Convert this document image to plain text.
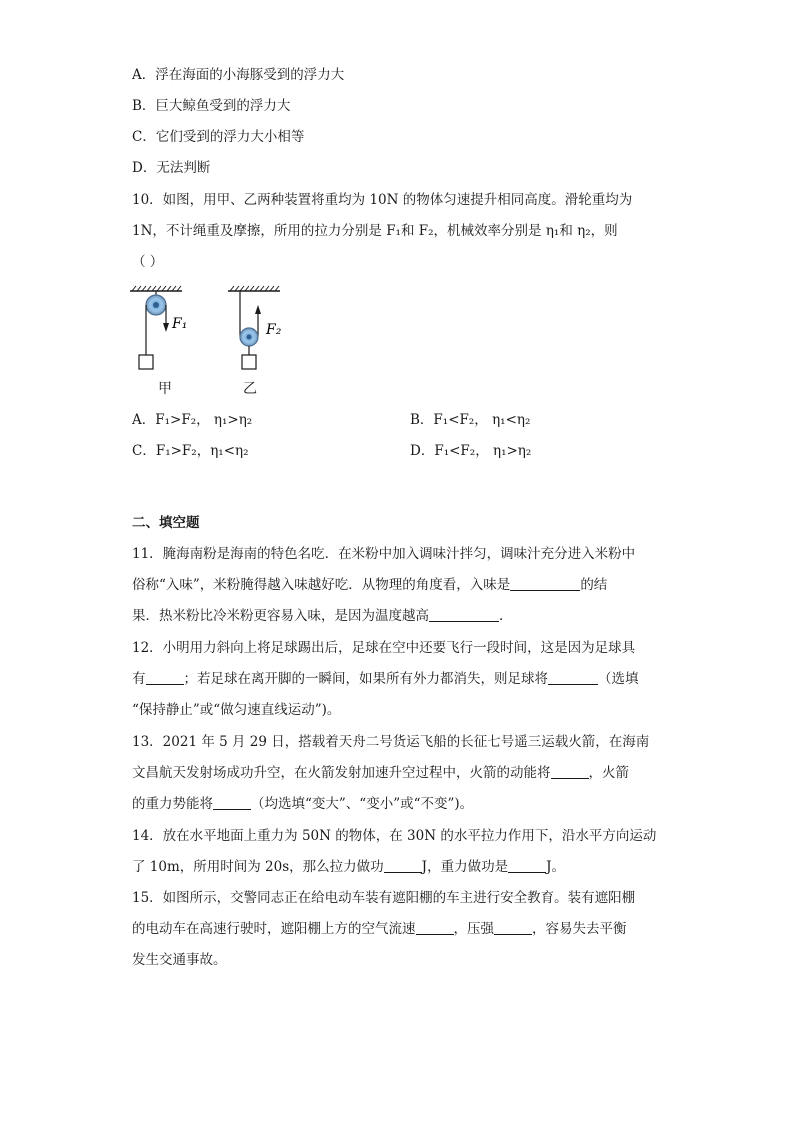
A．浮在海面的小海豚受到的浮力大
B．巨大鲸鱼受到的浮力大
C．它们受到的浮力大小相等
D．无法判断
10．如图，用甲、乙两种装置将重均为 10N 的物体匀速提升相同高度。滑轮重均为
1N，不计绳重及摩擦，所用的拉力分别是 F₁和 F₂，机械效率分别是 η₁和 η₂，则
（ ）
F₁	F₂
甲	乙
A．F₁>F₂， η₁>η₂	B．F₁<F₂， η₁<η₂
C．F₁>F₂，η₁<η₂	D．F₁<F₂， η₁>η₂
二、填空题
11．腌海南粉是海南的特色名吃．在米粉中加入调味汁拌匀，调味汁充分进入米粉中
俗称“入味”，米粉腌得越入味越好吃．从物理的角度看，入味是	的结
果．热米粉比冷米粉更容易入味，是因为温度越高	．
12．小明用力斜向上将足球踢出后，足球在空中还要飞行一段时间，这是因为足球具
有	；若足球在离开脚的一瞬间，如果所有外力都消失，则足球将	（选填
“保持静止”或“做匀速直线运动”)。
13．2021 年 5 月 29 日，搭载着天舟二号货运飞船的长征七号遥三运载火箭，在海南
文昌航天发射场成功升空，在火箭发射加速升空过程中，火箭的动能将	，火箭
的重力势能将	（均选填“变大”、“变小”或“不变”)。
14．放在水平地面上重力为 50N 的物体，在 30N 的水平拉力作用下，沿水平方向运动
了 10m，所用时间为 20s，那么拉力做功	J，重力做功是	J。
15．如图所示，交警同志正在给电动车装有遮阳棚的车主进行安全教育。装有遮阳棚
的电动车在高速行驶时，遮阳棚上方的空气流速	，压强	，容易失去平衡
发生交通事故。
